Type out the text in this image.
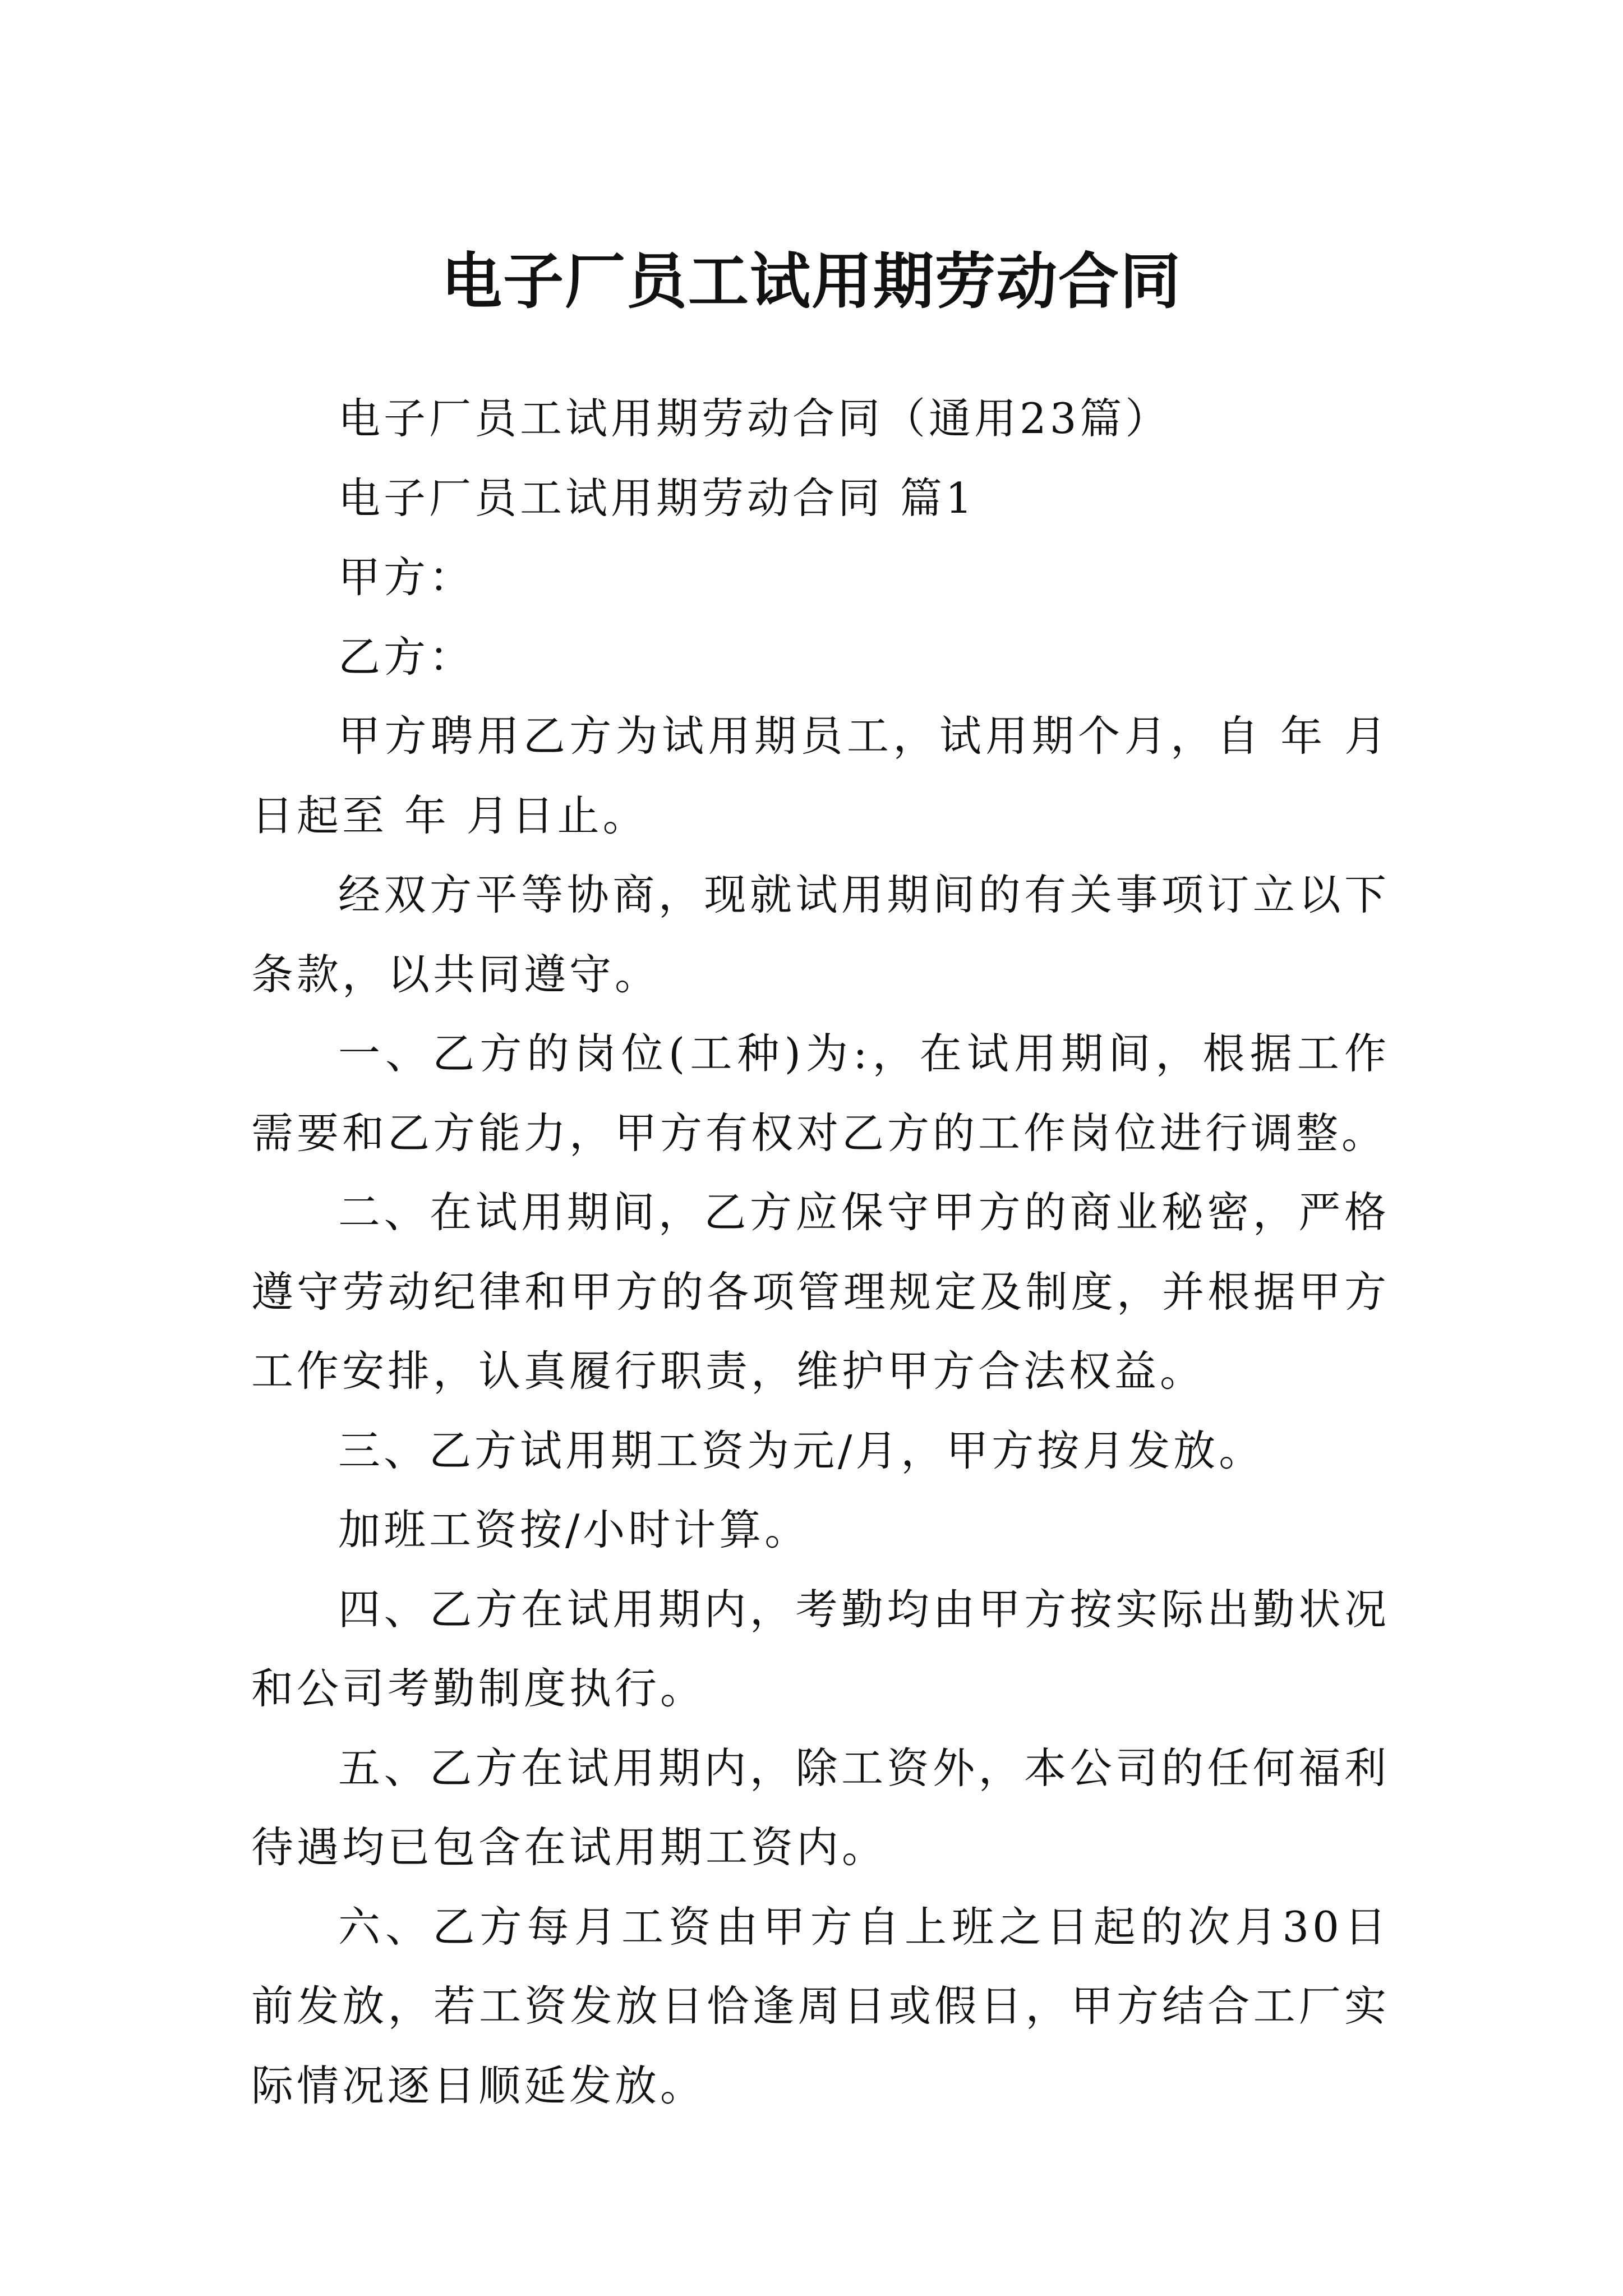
电子厂员工试用期劳动合同

电子厂员工试用期劳动合同（通用23篇）

电子厂员工试用期劳动合同 篇1

甲方：

乙方：

甲方聘用乙方为试用期员工，试用期个月，自 年 月日起至 年 月日止。

经双方平等协商，现就试用期间的有关事项订立以下条款，以共同遵守。

一、乙方的岗位(工种)为:，在试用期间，根据工作需要和乙方能力，甲方有权对乙方的工作岗位进行调整。

二、在试用期间，乙方应保守甲方的商业秘密，严格遵守劳动纪律和甲方的各项管理规定及制度，并根据甲方工作安排，认真履行职责，维护甲方合法权益。

三、乙方试用期工资为元/月，甲方按月发放。

加班工资按/小时计算。

四、乙方在试用期内，考勤均由甲方按实际出勤状况和公司考勤制度执行。

五、乙方在试用期内，除工资外，本公司的任何福利待遇均已包含在试用期工资内。

六、乙方每月工资由甲方自上班之日起的次月30日前发放，若工资发放日恰逢周日或假日，甲方结合工厂实际情况逐日顺延发放。
